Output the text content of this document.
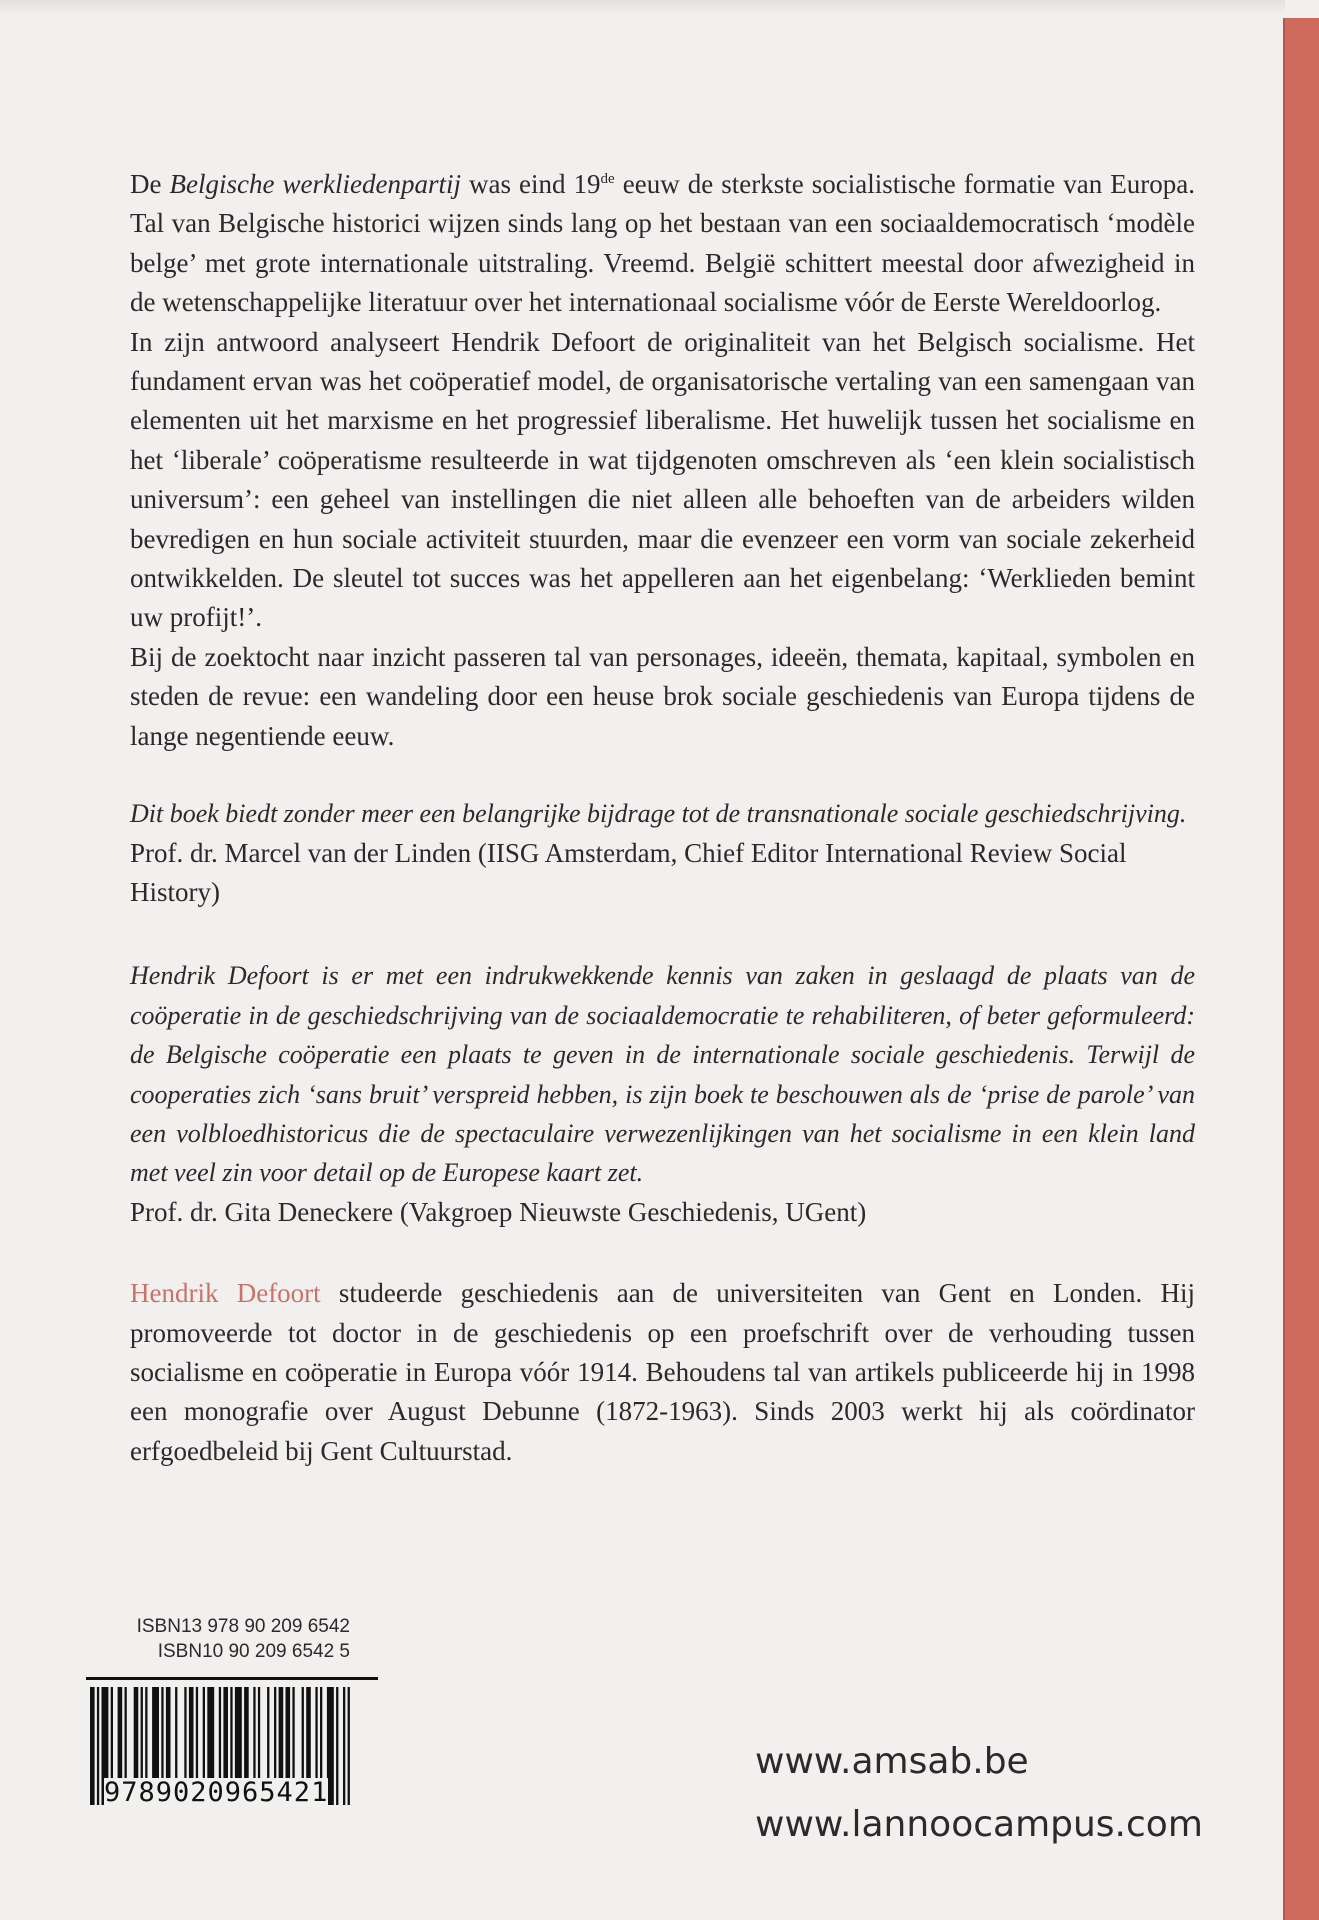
De Belgische werkliedenpartij was eind 19de eeuw de sterkste socialistische formatie van Europa. Tal van Belgische historici wijzen sinds lang op het bestaan van een sociaaldemocratisch ‘modèle belge’ met grote internationale uitstraling. Vreemd. België schittert meestal door afwezigheid in de wetenschappelijke literatuur over het internationaal socialisme vóór de Eerste Wereldoorlog.

In zijn antwoord analyseert Hendrik Defoort de originaliteit van het Belgisch socialisme. Het fundament ervan was het coöperatief model, de organisatorische vertaling van een samengaan van elementen uit het marxisme en het progressief liberalisme. Het huwelijk tussen het socialisme en het ‘liberale’ coöperatisme resulteerde in wat tijdgenoten omschreven als ‘een klein socialistisch universum’: een geheel van instellingen die niet alleen alle behoeften van de arbeiders wilden bevredigen en hun sociale activiteit stuurden, maar die evenzeer een vorm van sociale zekerheid ontwikkelden. De sleutel tot succes was het appelleren aan het eigenbelang: ‘Werklieden bemint uw profijt!’.

Bij de zoektocht naar inzicht passeren tal van personages, ideeën, themata, kapitaal, symbolen en steden de revue: een wandeling door een heuse brok sociale geschiedenis van Europa tijdens de lange negentiende eeuw.

Dit boek biedt zonder meer een belangrijke bijdrage tot de transnationale sociale geschiedschrijving.

Prof. dr. Marcel van der Linden (IISG Amsterdam, Chief Editor International Review Social History)

Hendrik Defoort is er met een indrukwekkende kennis van zaken in geslaagd de plaats van de coöperatie in de geschiedschrijving van de sociaaldemocratie te rehabiliteren, of beter geformuleerd: de Belgische coöperatie een plaats te geven in de internationale sociale geschiedenis. Terwijl de cooperaties zich ‘sans bruit’ verspreid hebben, is zijn boek te beschouwen als de ‘prise de parole’ van een volbloedhistoricus die de spectaculaire verwezenlijkingen van het socialisme in een klein land met veel zin voor detail op de Europese kaart zet.

Prof. dr. Gita Deneckere (Vakgroep Nieuwste Geschiedenis, UGent)

Hendrik Defoort studeerde geschiedenis aan de universiteiten van Gent en Londen. Hij promoveerde tot doctor in de geschiedenis op een proefschrift over de verhouding tussen socialisme en coöperatie in Europa vóór 1914. Behoudens tal van artikels publiceerde hij in 1998 een monografie over August Debunne (1872-1963). Sinds 2003 werkt hij als coördinator erfgoedbeleid bij Gent Cultuurstad.

ISBN13 978 90 209 6542
ISBN10 90 209 6542 5
9789020965421
www.amsab.be
www.lannoocampus.com
